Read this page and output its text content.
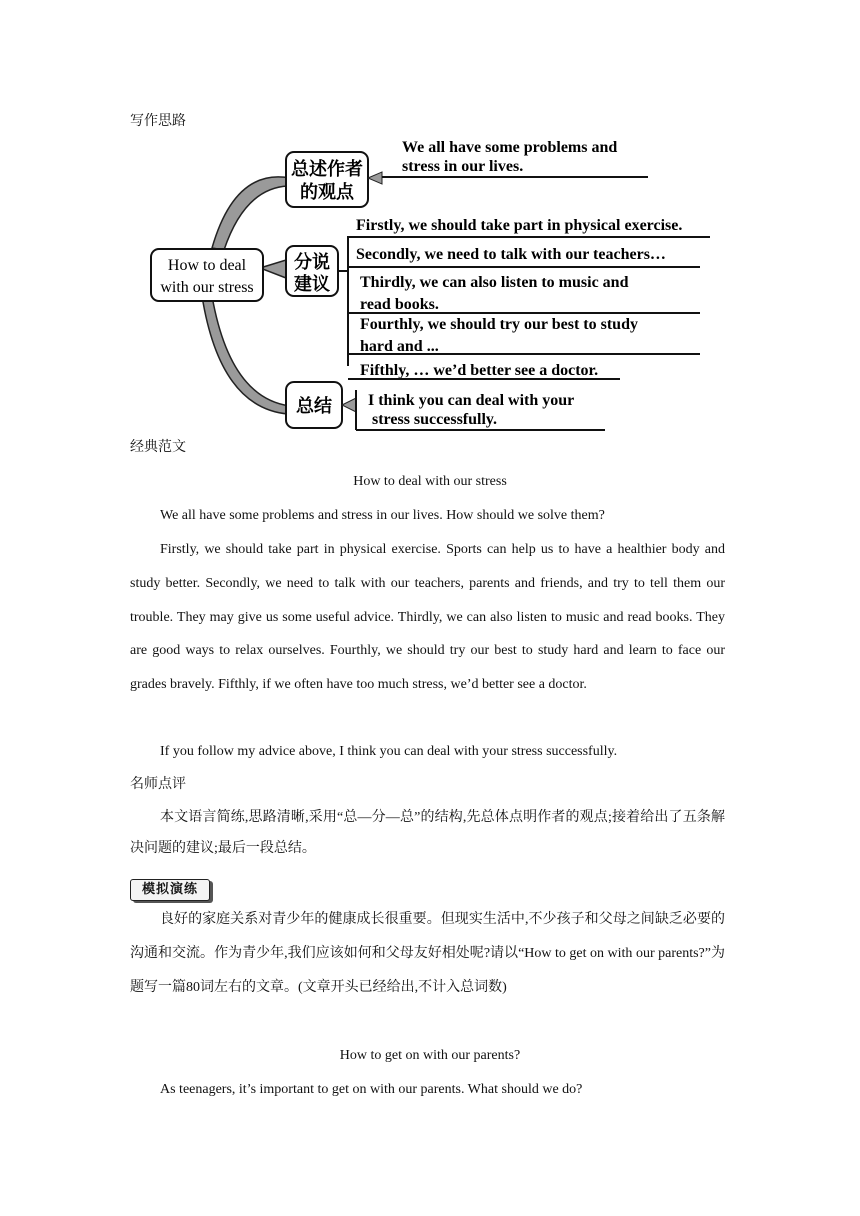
写作思路
How to deal
with our stress
总述作者
的观点
We all have some problems and
stress in our lives.
分说
建议
Firstly, we should take part in physical exercise.
Secondly, we need to talk with our teachers…
Thirdly, we can also listen to music and
read books.
Fourthly, we should try our best to study
hard and ...
Fifthly, … we’d better see a doctor.
总结 I think you can deal with your
stress successfully.
经典范文
How to deal with our stress
We all have some problems and stress in our lives. How should we solve them?
Firstly, we should take part in physical exercise. Sports can help us to have a healthier body and study better. Secondly, we need to talk with our teachers, parents and friends, and try to tell them our trouble. They may give us some useful advice. Thirdly, we can also listen to music and read books. They are good ways to relax ourselves. Fourthly, we should try our best to study hard and learn to face our grades bravely. Fifthly, if we often have too much stress, we’d better see a doctor.
If you follow my advice above, I think you can deal with your stress successfully.
名师点评
本文语言简练,思路清晰,采用“总—分—总”的结构,先总体点明作者的观点;接着给出了五条解决问题的建议;最后一段总结。
模拟演练
良好的家庭关系对青少年的健康成长很重要。但现实生活中,不少孩子和父母之间缺乏必要的沟通和交流。作为青少年,我们应该如何和父母友好相处呢?请以“How to get on with our parents?”为题写一篇80词左右的文章。(文章开头已经给出,不计入总词数)
How to get on with our parents?
As teenagers, it’s important to get on with our parents. What should we do?
